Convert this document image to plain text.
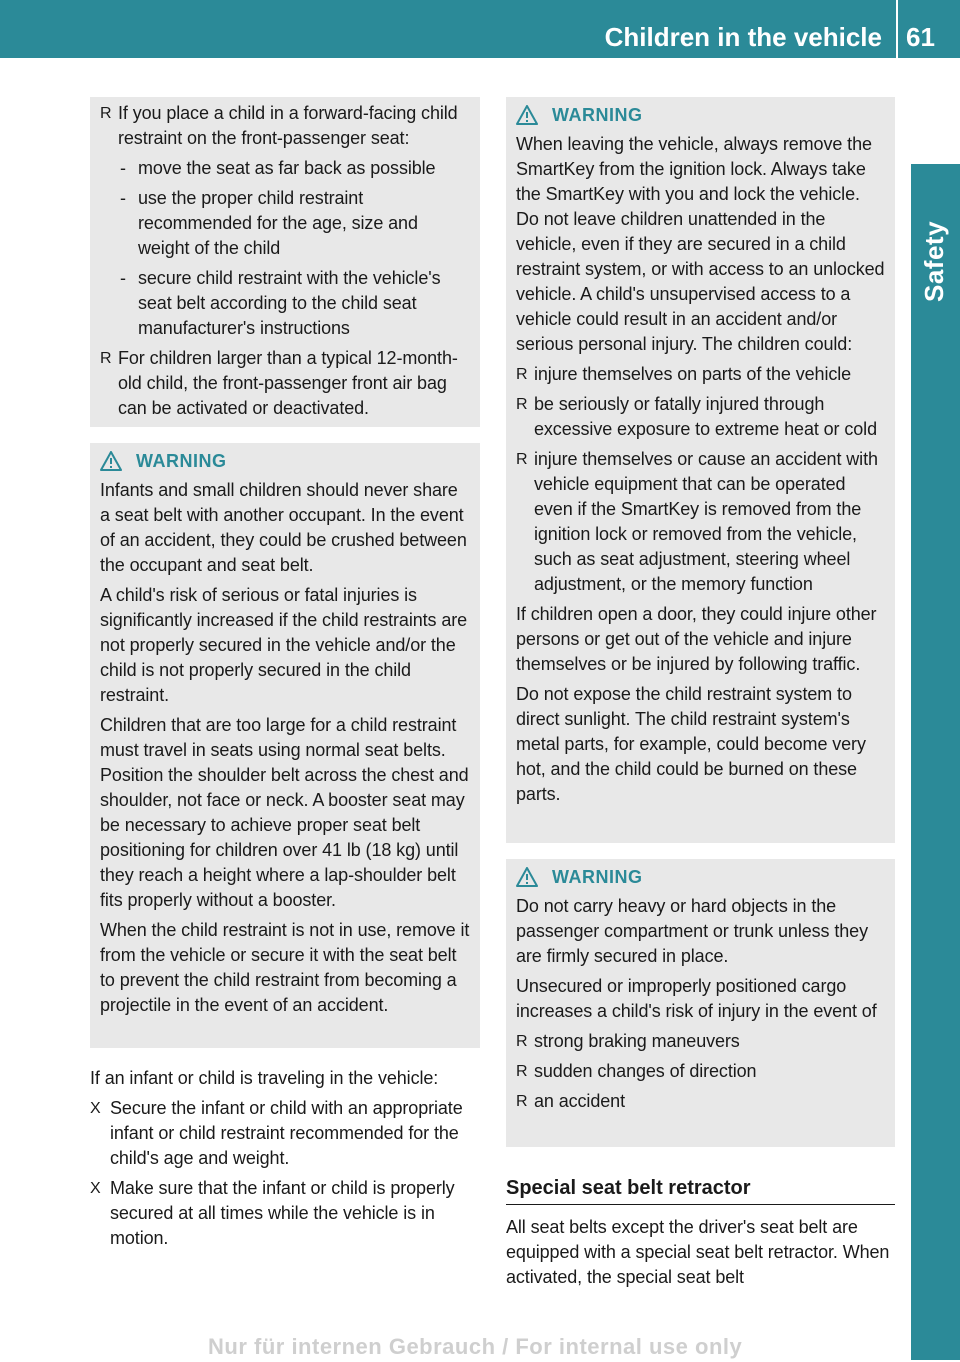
Children in the vehicle 61
Safety
R If you place a child in a forward-facing child restraint on the front-passenger seat:
- move the seat as far back as possible
- use the proper child restraint recommended for the age, size and weight of the child
- secure child restraint with the vehicle's seat belt according to the child seat manufacturer's instructions
R For children larger than a typical 12-month-old child, the front-passenger front air bag can be activated or deactivated.
WARNING

Infants and small children should never share a seat belt with another occupant. In the event of an accident, they could be crushed between the occupant and seat belt.

A child's risk of serious or fatal injuries is significantly increased if the child restraints are not properly secured in the vehicle and/or the child is not properly secured in the child restraint.

Children that are too large for a child restraint must travel in seats using normal seat belts. Position the shoulder belt across the chest and shoulder, not face or neck. A booster seat may be necessary to achieve proper seat belt positioning for children over 41 lb (18 kg) until they reach a height where a lap-shoulder belt fits properly without a booster.

When the child restraint is not in use, remove it from the vehicle or secure it with the seat belt to prevent the child restraint from becoming a projectile in the event of an accident.

If an infant or child is traveling in the vehicle:

X Secure the infant or child with an appropriate infant or child restraint recommended for the child's age and weight.
X Make sure that the infant or child is properly secured at all times while the vehicle is in motion.
WARNING

When leaving the vehicle, always remove the SmartKey from the ignition lock. Always take the SmartKey with you and lock the vehicle. Do not leave children unattended in the vehicle, even if they are secured in a child restraint system, or with access to an unlocked vehicle. A child's unsupervised access to a vehicle could result in an accident and/or serious personal injury. The children could:

R injure themselves on parts of the vehicle
R be seriously or fatally injured through excessive exposure to extreme heat or cold
R injure themselves or cause an accident with vehicle equipment that can be operated even if the SmartKey is removed from the ignition lock or removed from the vehicle, such as seat adjustment, steering wheel adjustment, or the memory function

If children open a door, they could injure other persons or get out of the vehicle and injure themselves or be injured by following traffic.

Do not expose the child restraint system to direct sunlight. The child restraint system's metal parts, for example, could become very hot, and the child could be burned on these parts.

WARNING

Do not carry heavy or hard objects in the passenger compartment or trunk unless they are firmly secured in place.

Unsecured or improperly positioned cargo increases a child's risk of injury in the event of

R strong braking maneuvers
R sudden changes of direction
R an accident
Special seat belt retractor
All seat belts except the driver's seat belt are equipped with a special seat belt retractor. When activated, the special seat belt
Nur für internen Gebrauch / For internal use only
